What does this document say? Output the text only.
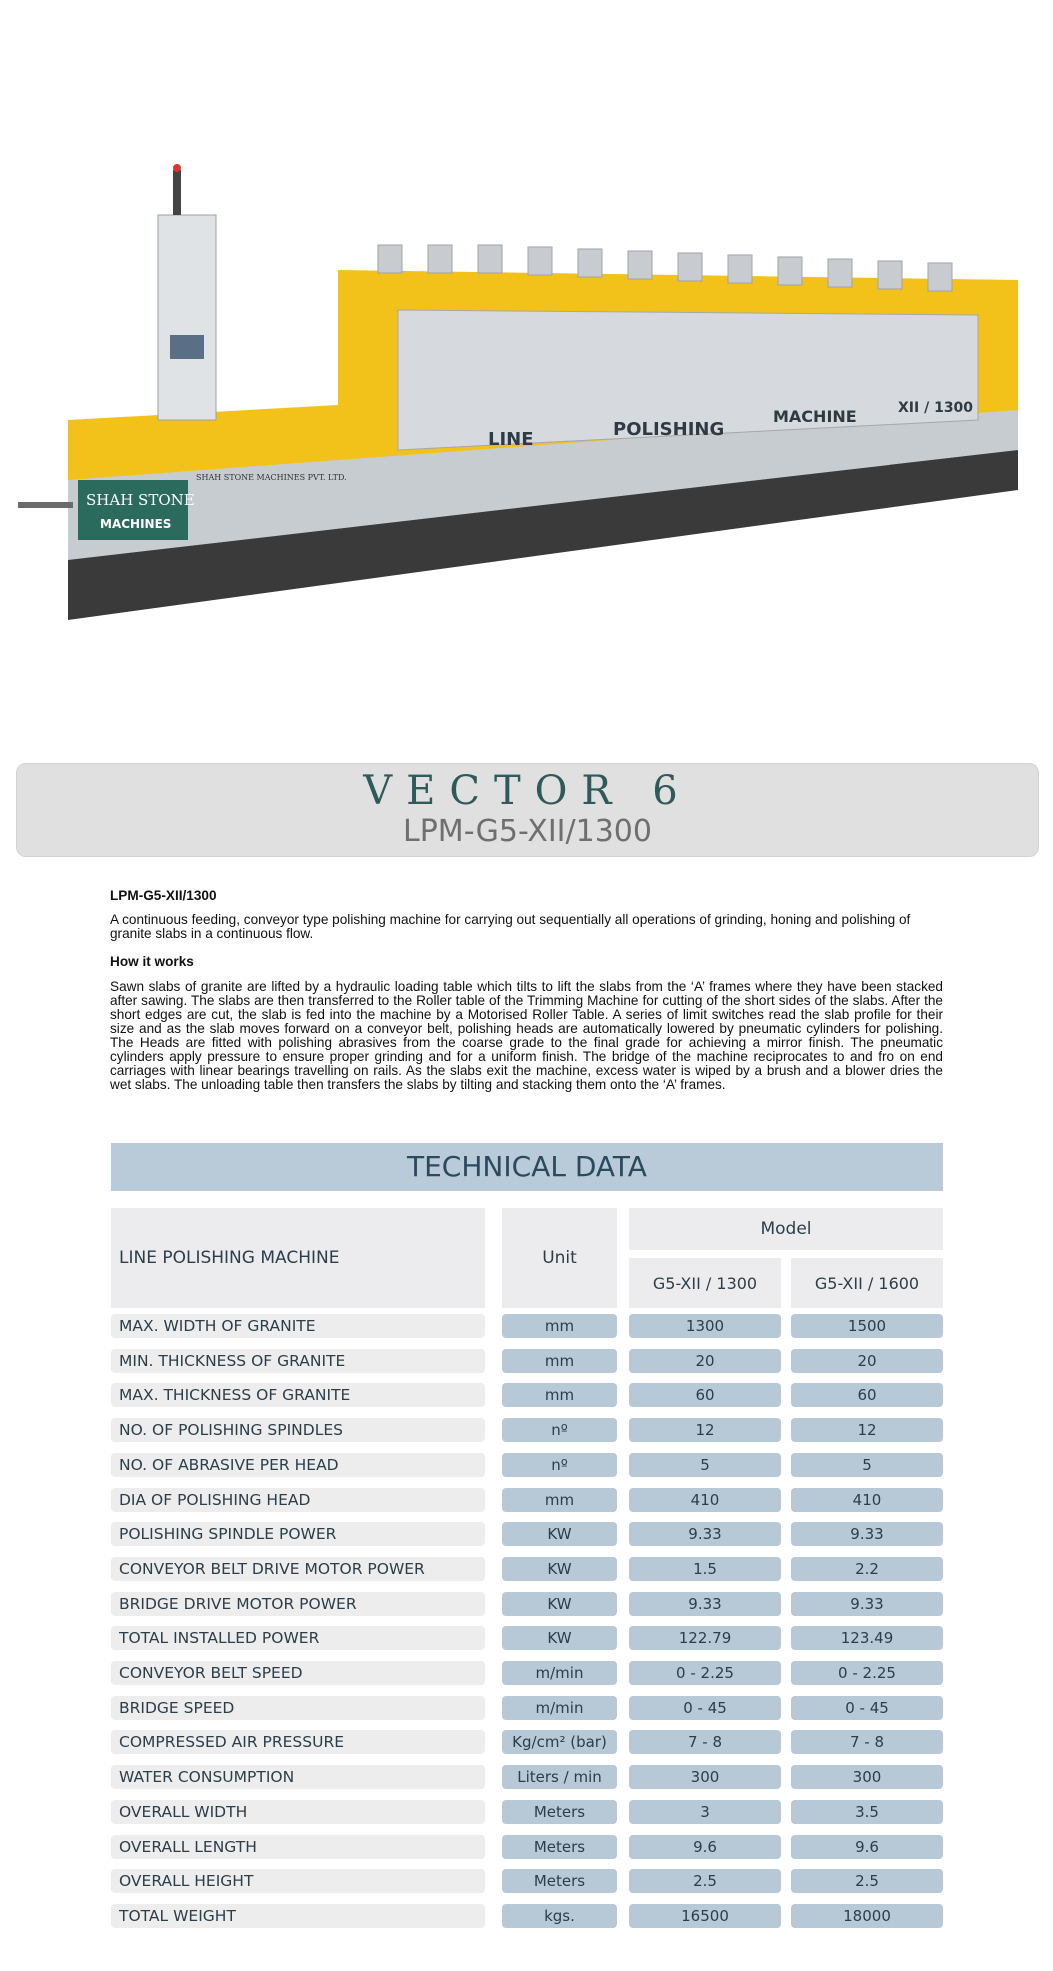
LINE	POLISHING
MACHINE	XII / 1300
SHAH STONE
MACHINES
SHAH STONE MACHINES PVT. LTD.
VECTOR 6
LPM-G5-XII/1300
LPM-G5-XII/1300
A continuous feeding, conveyor type polishing machine for carrying out sequentially all operations of grinding, honing and polishing of granite slabs in a continuous flow.
How it works
Sawn slabs of granite are lifted by a hydraulic loading table which tilts to lift the slabs from the ‘A’ frames where they have been stacked after sawing. The slabs are then transferred to the Roller table of the Trimming Machine for cutting of the short sides of the slabs. After the short edges are cut, the slab is fed into the machine by a Motorised Roller Table. A series of limit switches read the slab profile for their size and as the slab moves forward on a conveyor belt, polishing heads are automatically lowered by pneumatic cylinders for polishing. The Heads are fitted with polishing abrasives from the coarse grade to the final grade for achieving a mirror finish. The pneumatic cylinders apply pressure to ensure proper grinding and for a uniform finish. The bridge of the machine reciprocates to and fro on end carriages with linear bearings travelling on rails. As the slabs exit the machine, excess water is wiped by a brush and a blower dries the wet slabs. The unloading table then transfers the slabs by tilting and stacking them onto the ‘A’ frames.
TECHNICAL DATA
LINE POLISHING MACHINE	Unit
Model
G5-XII / 1300	G5-XII / 1600
MAX. WIDTH OF GRANITE	mm	1300	1500
MIN. THICKNESS OF GRANITE	mm	20	20
MAX. THICKNESS OF GRANITE	mm	60	60
NO. OF POLISHING SPINDLES	nº	12	12
NO. OF ABRASIVE PER HEAD	nº	5	5
DIA OF POLISHING HEAD	mm	410	410
POLISHING SPINDLE POWER	KW	9.33	9.33
CONVEYOR BELT DRIVE MOTOR POWER	KW	1.5	2.2
BRIDGE DRIVE MOTOR POWER	KW	9.33	9.33
TOTAL INSTALLED POWER	KW	122.79	123.49
CONVEYOR BELT SPEED	m/min	0 - 2.25	0 - 2.25
BRIDGE SPEED	m/min	0 - 45	0 - 45
COMPRESSED AIR PRESSURE	Kg/cm² (bar)	7 - 8	7 - 8
WATER CONSUMPTION	Liters / min	300	300
OVERALL WIDTH	Meters	3	3.5
OVERALL LENGTH	Meters	9.6	9.6
OVERALL HEIGHT	Meters	2.5	2.5
TOTAL WEIGHT	kgs.	16500	18000
